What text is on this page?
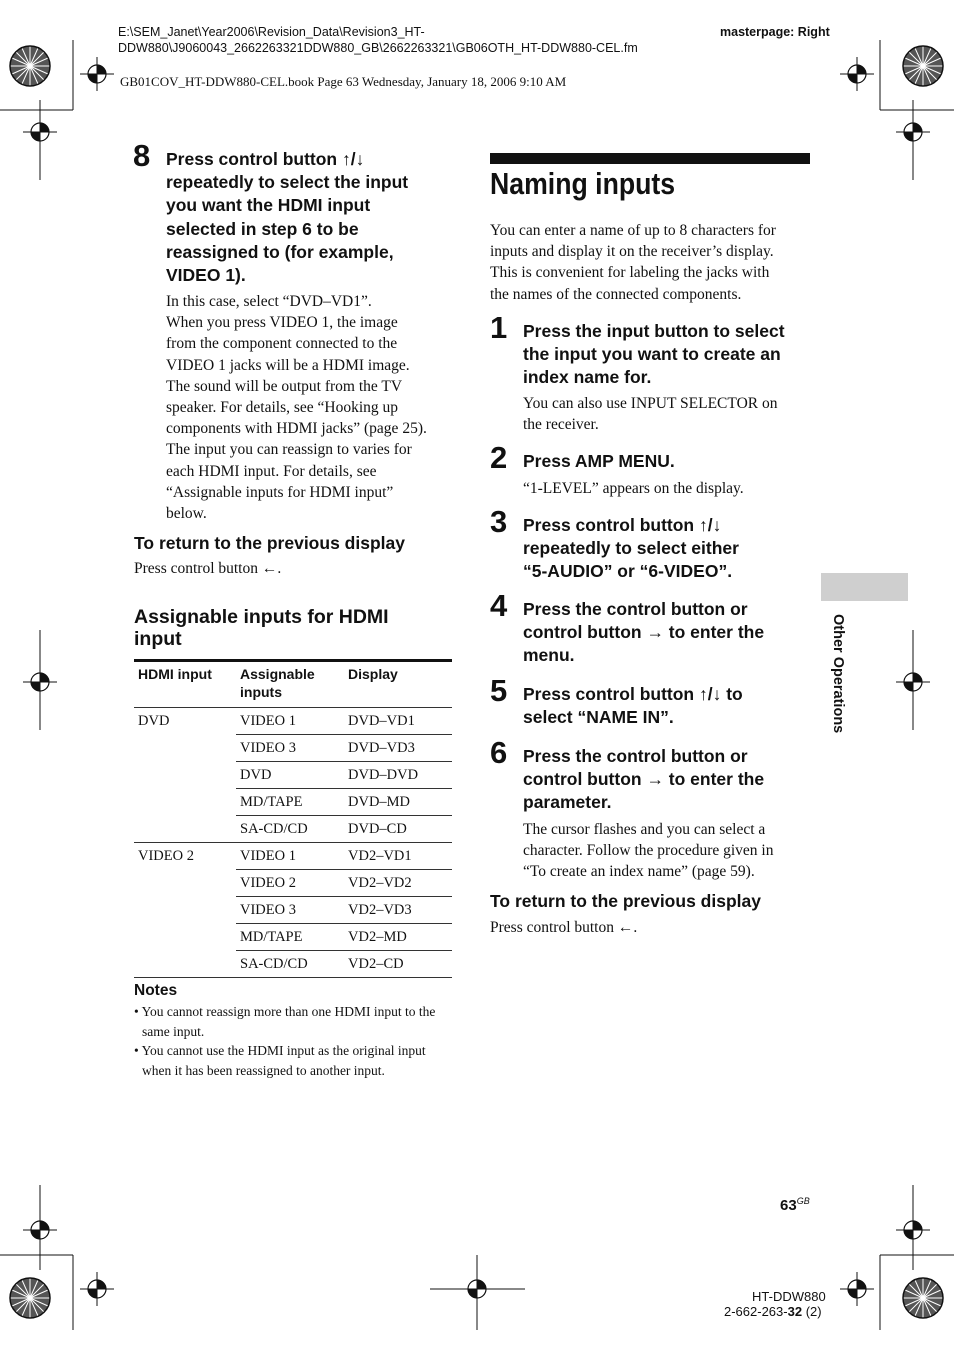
E:\SEM_Janet\Year2006\Revision_Data\Revision3_HT-
DDW880\J9060043_2662263321DDW880_GB\2662263321\GB06OTH_HT-DDW880-CEL.fm
masterpage: Right
GB01COV_HT-DDW880-CEL.book Page 63 Wednesday, January 18, 2006 9:10 AM
8 Press control button ↑/↓
repeatedly to select the input
you want the HDMI input
selected in step 6 to be
reassigned to (for example,
VIDEO 1).
In this case, select “DVD–VD1”.
When you press VIDEO 1, the image
from the component connected to the
VIDEO 1 jacks will be a HDMI image.
The sound will be output from the TV
speaker. For details, see “Hooking up
components with HDMI jacks” (page 25).
The input you can reassign to varies for
each HDMI input. For details, see
“Assignable inputs for HDMI input”
below.
To return to the previous display
Press control button ←.
Assignable inputs for HDMI
input
HDMI input	Assignable inputs	Display
DVD	VIDEO 1	DVD–VD1
	VIDEO 3	DVD–VD3
	DVD	DVD–DVD
	MD/TAPE	DVD–MD
	SA-CD/CD	DVD–CD
VIDEO 2	VIDEO 1	VD2–VD1
	VIDEO 2	VD2–VD2
	VIDEO 3	VD2–VD3
	MD/TAPE	VD2–MD
	SA-CD/CD	VD2–CD
Notes

• You cannot reassign more than one HDMI input to the same input.

• You cannot use the HDMI input as the original input when it has been reassigned to another input.

Naming inputs
You can enter a name of up to 8 characters for
inputs and display it on the receiver’s display.
This is convenient for labeling the jacks with
the names of the connected components.
1 Press the input button to select
the input you want to create an
index name for.
You can also use INPUT SELECTOR on
the receiver.
2 Press AMP MENU.
“1-LEVEL” appears on the display.
3 Press control button ↑/↓
repeatedly to select either
“5-AUDIO” or “6-VIDEO”.
4 Press the control button or
control button → to enter the
menu.
5 Press control button ↑/↓ to
select “NAME IN”.
6 Press the control button or
control button → to enter the
parameter.
The cursor flashes and you can select a
character. Follow the procedure given in
“To create an index name” (page 59).
To return to the previous display
Press control button ←.
Other Operations
$63^{GB}$
HT-DDW880
2-662-263-32 (2)
